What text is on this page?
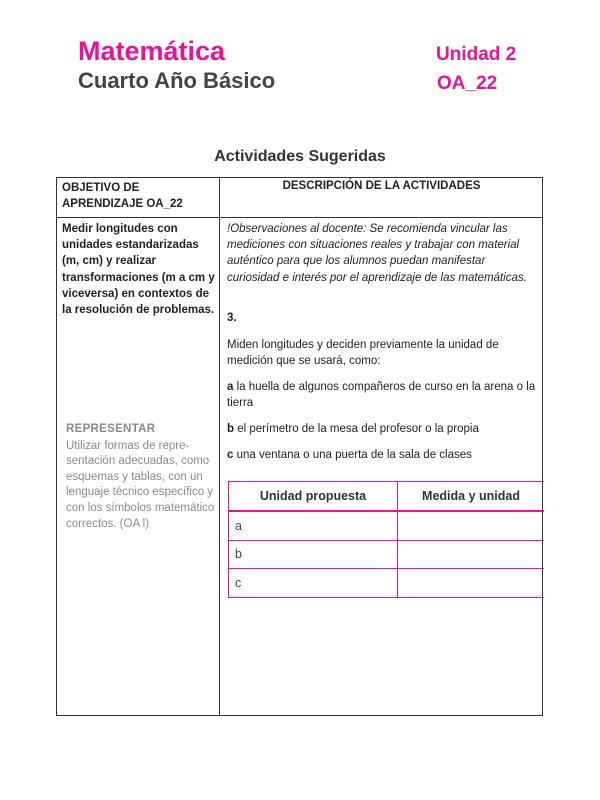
Matemática
Cuarto Año Básico
Unidad 2
OA_22
Actividades Sugeridas
OBJETIVO DE
APRENDIZAJE OA_22
DESCRIPCIÓN DE LA ACTIVIDADES
Medir longitudes con unidades estandarizadas (m, cm) y realizar transformaciones (m a cm y viceversa) en contextos de la resolución de problemas.
REPRESENTAR
Utilizar formas de repre- sentación adecuadas, como esquemas y tablas, con un lenguaje técnico específico y con los símbolos matemático correctos. (OA l)
!Observaciones al docente: Se recomienda vincular las mediciones con situaciones reales y trabajar con material auténtico para que los alumnos puedan manifestar curiosidad e interés por el aprendizaje de las matemáticas.
3.
Miden longitudes y deciden previamente la unidad de medición que se usará, como:
a la huella de algunos compañeros de curso en la arena o la tierra
b el perímetro de la mesa del profesor o la propia
c una ventana o una puerta de la sala de clases
Unidad propuesta	Medida y unidad
a	
b	
c	
